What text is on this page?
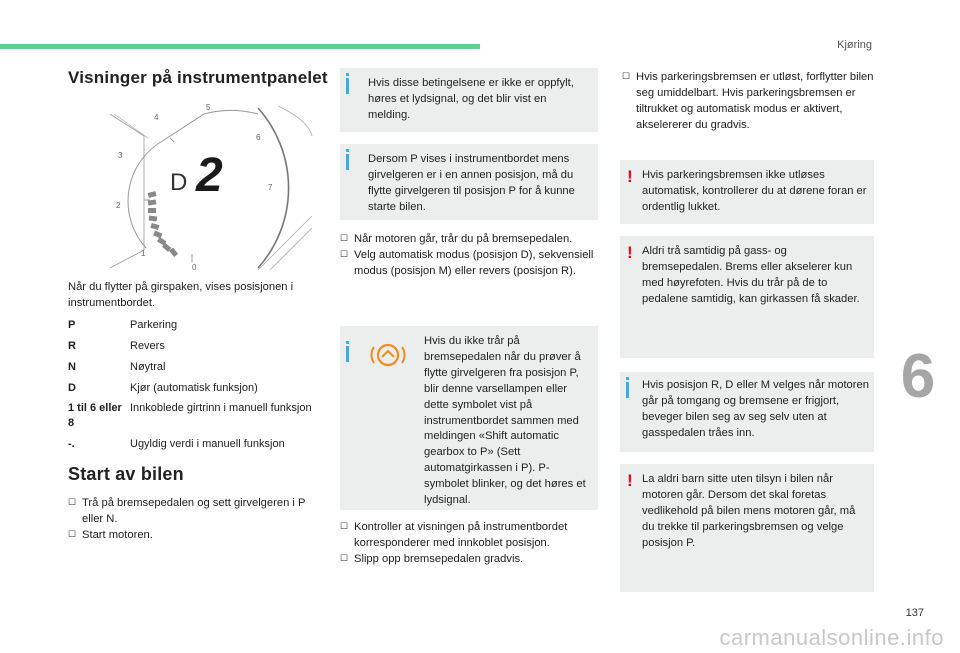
Kjøring
Visninger på instrumentpanelet
0
1
2
3
4
5
6
7
D 2

Når du flytter på girspaken, vises posisjonen i instrumentbordet.

P	Parkering
R	Revers
N	Nøytral
D	Kjør (automatisk funksjon)
1 til 6 eller 8	Innkoblede girtrinn i manuell funksjon
-.	Ugyldig verdi i manuell funksjon
Start av bilen
☐ Trå på bremsepedalen og sett girvelgeren i P eller N.
☐ Start motoren.
Hvis disse betingelsene er ikke er oppfylt, høres et lydsignal, og det blir vist en melding.
Dersom P vises i instrumentbordet mens girvelgeren er i en annen posisjon, må du flytte girvelgeren til posisjon P for å kunne starte bilen.
☐ Når motoren går, trår du på bremsepedalen.
☐ Velg automatisk modus (posisjon D), sekvensiell modus (posisjon M) eller revers (posisjon R).
Hvis du ikke trår på bremsepedalen når du prøver å flytte girvelgeren fra posisjon P, blir denne varsellampen eller dette symbolet vist på instrumentbordet sammen med meldingen «Shift automatic gearbox to P» (Sett automatgirkassen i P). P-symbolet blinker, og det høres et lydsignal.
☐ Kontroller at visningen på instrumentbordet korresponderer med innkoblet posisjon.
☐ Slipp opp bremsepedalen gradvis.
☐ Hvis parkeringsbremsen er utløst, forflytter bilen seg umiddelbart. Hvis parkeringsbremsen er tiltrukket og automatisk modus er aktivert, akselererer du gradvis.
! Hvis parkeringsbremsen ikke utløses automatisk, kontrollerer du at dørene foran er ordentlig lukket.
! Aldri trå samtidig på gass- og bremsepedalen. Brems eller akselerer kun med høyrefoten. Hvis du trår på de to pedalene samtidig, kan girkassen få skader.
Hvis posisjon R, D eller M velges når motoren går på tomgang og bremsene er frigjort, beveger bilen seg av seg selv uten at gasspedalen tråes inn.
! La aldri barn sitte uten tilsyn i bilen når motoren går. Dersom det skal foretas vedlikehold på bilen mens motoren går, må du trekke til parkeringsbremsen og velge posisjon P.
6
137
carmanualsonline.info
